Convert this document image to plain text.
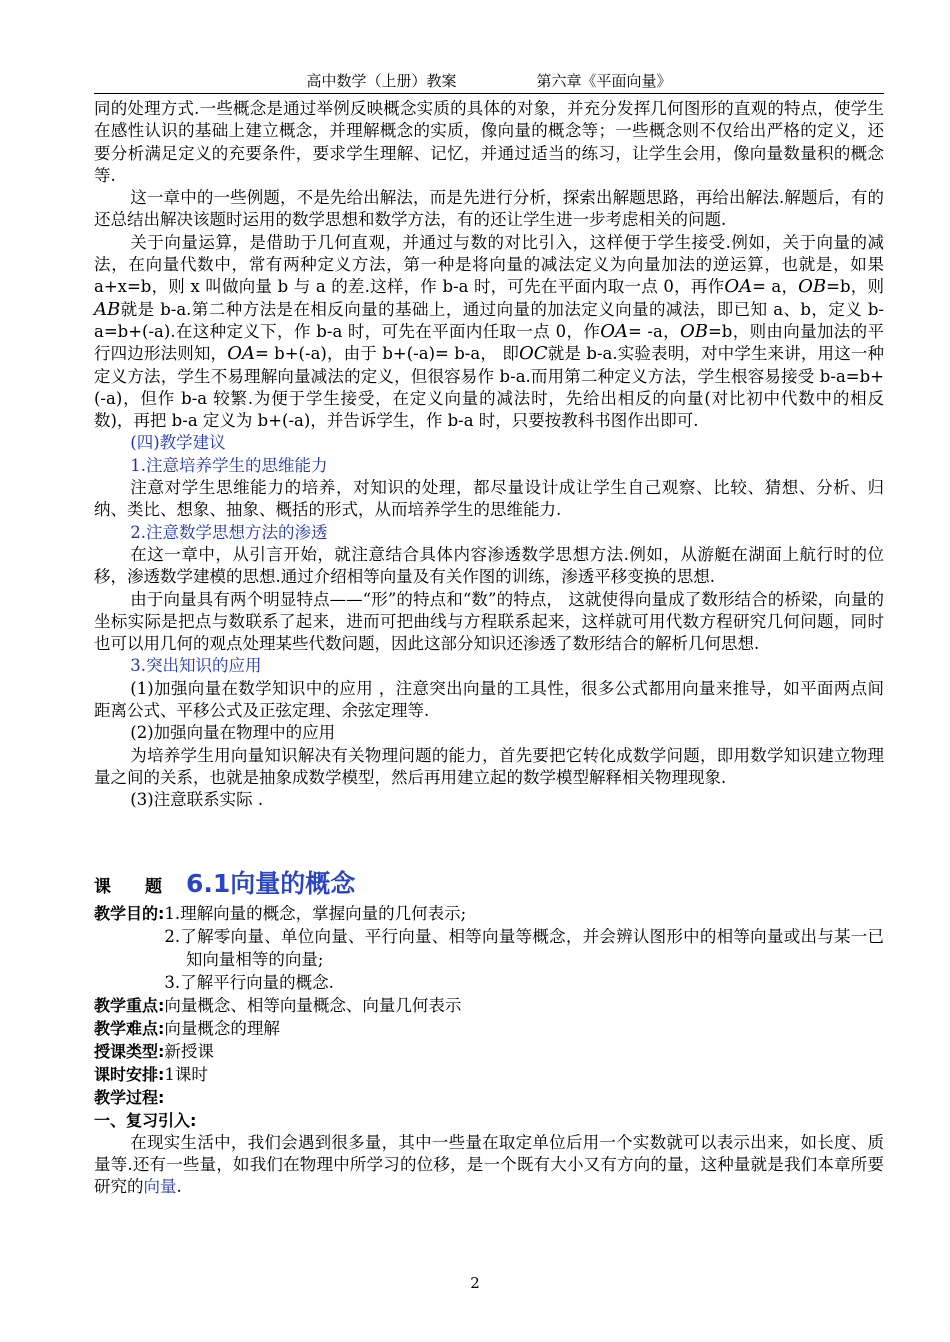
高中数学（上册）教案	第六章《平面向量》

同的处理方式.一些概念是通过举例反映概念实质的具体的对象，并充分发挥几何图形的直观的特点，使学生在感性认识的基础上建立概念，并理解概念的实质，像向量的概念等；一些概念则不仅给出严格的定义，还要分析满足定义的充要条件，要求学生理解、记忆，并通过适当的练习，让学生会用，像向量数量积的概念等.

这一章中的一些例题，不是先给出解法，而是先进行分析，探索出解题思路，再给出解法.解题后，有的还总结出解决该题时运用的数学思想和数学方法，有的还让学生进一步考虑相关的问题.

关于向量运算，是借助于几何直观，并通过与数的对比引入，这样便于学生接受.例如，关于向量的减法，在向量代数中，常有两种定义方法，第一种是将向量的减法定义为向量加法的逆运算，也就是，如果 a+x=b，则 x 叫做向量 b 与 a 的差.这样，作 b-a 时，可先在平面内取一点 0，再作OA= a，OB=b，则AB就是 b-a.第二种方法是在相反向量的基础上，通过向量的加法定义向量的减法，即已知 a、b，定义 b-a=b+(-a).在这种定义下，作 b-a 时，可先在平面内任取一点 0，作OA= -a，OB=b，则由向量加法的平行四边形法则知，OA= b+(-a)，由于 b+(-a)= b-a， 即OC就是 b-a.实验表明，对中学生来讲，用这一种定义方法，学生不易理解向量减法的定义，但很容易作 b-a.而用第二种定义方法，学生根容易接受 b-a=b+(-a)，但作 b-a 较繁.为便于学生接受，在定义向量的减法时，先给出相反的向量(对比初中代数中的相反数)，再把 b-a 定义为 b+(-a)，并告诉学生，作 b-a 时，只要按教科书图作出即可.

(四)教学建议

1.注意培养学生的思维能力

注意对学生思维能力的培养，对知识的处理，都尽量设计成让学生自己观察、比较、猜想、分析、归纳、类比、想象、抽象、概括的形式，从而培养学生的思维能力.

2.注意数学思想方法的渗透

在这一章中，从引言开始，就注意结合具体内容渗透数学思想方法.例如，从游艇在湖面上航行时的位移，渗透数学建模的思想.通过介绍相等向量及有关作图的训练，渗透平移变换的思想.

由于向量具有两个明显特点——“形”的特点和“数”的特点， 这就使得向量成了数形结合的桥梁，向量的坐标实际是把点与数联系了起来，进而可把曲线与方程联系起来，这样就可用代数方程研究几何问题，同时也可以用几何的观点处理某些代数问题，因此这部分知识还渗透了数形结合的解析几何思想.

3.突出知识的应用

(1)加强向量在数学知识中的应用 ，注意突出向量的工具性，很多公式都用向量来推导，如平面两点间距离公式、平移公式及正弦定理、余弦定理等.

(2)加强向量在物理中的应用

为培养学生用向量知识解决有关物理问题的能力，首先要把它转化成数学问题，即用数学知识建立物理量之间的关系，也就是抽象成数学模型，然后再用建立起的数学模型解释相关物理现象.

(3)注意联系实际 .

课　　题 6.1向量的概念
教学目的: 1.理解向量的概念，掌握向量的几何表示;
2.了解零向量、单位向量、平行向量、相等向量等概念，并会辨认图形中的相等向量或出与某一已知向量相等的向量;
3.了解平行向量的概念.
教学重点: 向量概念、相等向量概念、向量几何表示
教学难点: 向量概念的理解
授课类型: 新授课
课时安排: 1课时
教学过程:
一、复习引入:

在现实生活中，我们会遇到很多量，其中一些量在取定单位后用一个实数就可以表示出来，如长度、质量等.还有一些量，如我们在物理中所学习的位移，是一个既有大小又有方向的量，这种量就是我们本章所要研究的向量.

2
